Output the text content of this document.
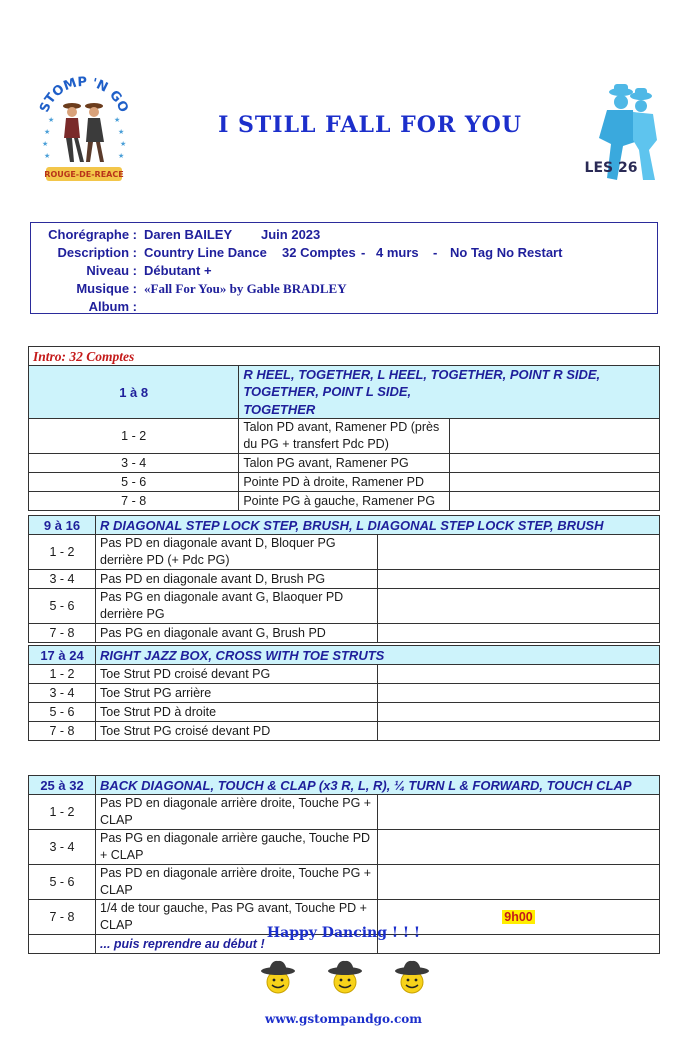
STOMP 'N GO
★
★
★
★
★
★
★	★
ROUGE-DE-REACE
I STILL FALL FOR YOU
LES 26
Chorégraphe : Daren BAILEY Juin 2023
Description : Country Line Dance 32 Comptes - 4 murs - No Tag No Restart
Niveau : Débutant +
Musique : «Fall For You» by Gable BRADLEY
Album :
Intro: 32 Comptes		
1 à 8	R HEEL, TOGETHER, L HEEL, TOGETHER, POINT R SIDE, TOGETHER, POINT L SIDE,	
	TOGETHER	
1 - 2	Talon PD avant, Ramener PD (près du PG + transfert Pdc PD)	
3 - 4	Talon PG avant, Ramener PG	
5 - 6	Pointe PD à droite, Ramener PD	
7 - 8	Pointe PG à gauche, Ramener PG	
9 à 16	R DIAGONAL STEP LOCK STEP, BRUSH, L DIAGONAL STEP LOCK STEP, BRUSH	
1 - 2	Pas PD en diagonale avant D, Bloquer PG derrière PD (+ Pdc PG)	
3 - 4	Pas PD en diagonale avant D, Brush PG	
5 - 6	Pas PG en diagonale avant G, Blaoquer PD derrière PG	
7 - 8	Pas PG en diagonale avant G, Brush PD	
17 à 24	RIGHT JAZZ BOX, CROSS WITH TOE STRUTS	
1 - 2	Toe Strut PD croisé devant PG	
3 - 4	Toe Strut PG arrière	
5 - 6	Toe Strut PD à droite	
7 - 8	Toe Strut PG croisé devant PD	
25 à 32	BACK DIAGONAL, TOUCH & CLAP (x3 R, L, R), ¼ TURN L & FORWARD, TOUCH CLAP	
1 - 2	Pas PD en diagonale arrière droite, Touche PG + CLAP	
3 - 4	Pas PG en diagonale arrière gauche, Touche PD + CLAP	
5 - 6	Pas PD en diagonale arrière droite, Touche PG + CLAP	
7 - 8	1/4 de tour gauche, Pas PG avant, Touche PD + CLAP	9h00
	... puis reprendre au début !	
Happy Dancing ! ! !
www.gstompandgo.com
